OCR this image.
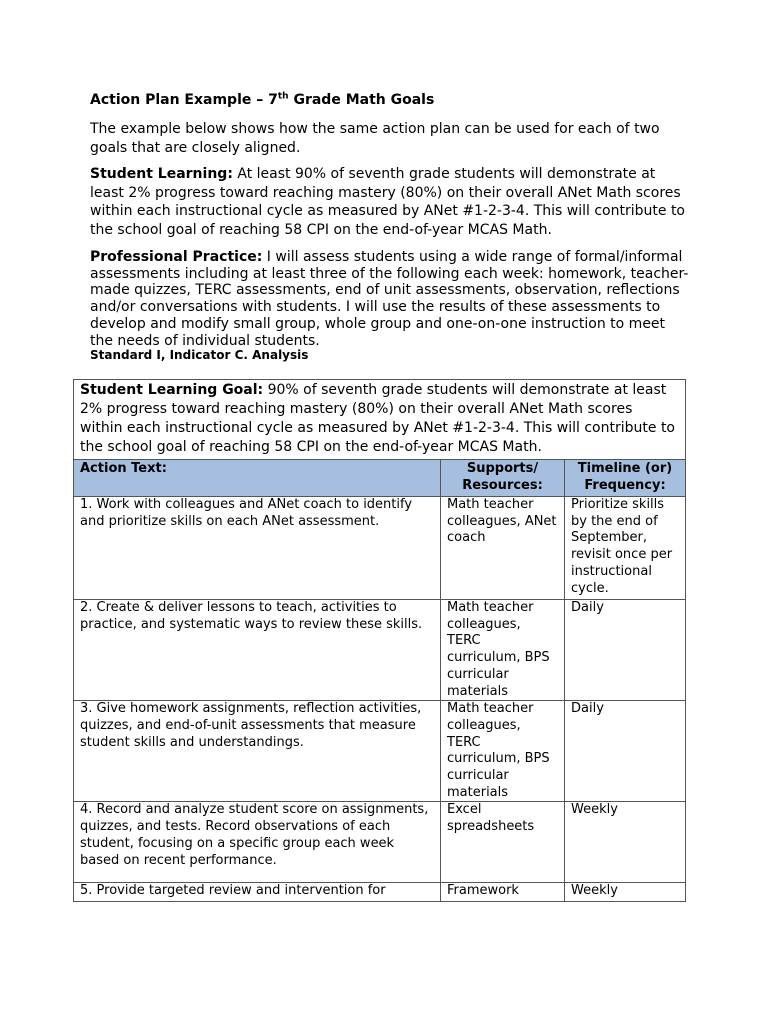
Action Plan Example – 7th Grade Math Goals
The example below shows how the same action plan can be used for each of two goals that are closely aligned.
Student Learning: At least 90% of seventh grade students will demonstrate at least 2% progress toward reaching mastery (80%) on their overall ANet Math scores within each instructional cycle as measured by ANet #1-2-3-4. This will contribute to the school goal of reaching 58 CPI on the end-of-year MCAS Math.
Professional Practice: I will assess students using a wide range of formal/informal assessments including at least three of the following each week: homework, teacher-made quizzes, TERC assessments, end of unit assessments, observation, reflections and/or conversations with students. I will use the results of these assessments to develop and modify small group, whole group and one-on-one instruction to meet the needs of individual students.
Standard I, Indicator C. Analysis
Student Learning Goal: 90% of seventh grade students will demonstrate at least 2% progress toward reaching mastery (80%) on their overall ANet Math scores within each instructional cycle as measured by ANet #1-2-3-4. This will contribute to the school goal of reaching 58 CPI on the end-of-year MCAS Math.		
Action Text:	Supports/ Resources:	Timeline (or) Frequency:
1. Work with colleagues and ANet coach to identify and prioritize skills on each ANet assessment.	Math teacher colleagues, ANet coach	Prioritize skills by the end of September, revisit once per instructional cycle.
2. Create & deliver lessons to teach, activities to practice, and systematic ways to review these skills.	Math teacher colleagues, TERC curriculum, BPS curricular materials	Daily
3. Give homework assignments, reflection activities, quizzes, and end-of-unit assessments that measure student skills and understandings.	Math teacher colleagues, TERC curriculum, BPS curricular materials	Daily
4. Record and analyze student score on assignments, quizzes, and tests. Record observations of each student, focusing on a specific group each week based on recent performance.	Excel spreadsheets	Weekly
5. Provide targeted review and intervention for	Framework	Weekly
